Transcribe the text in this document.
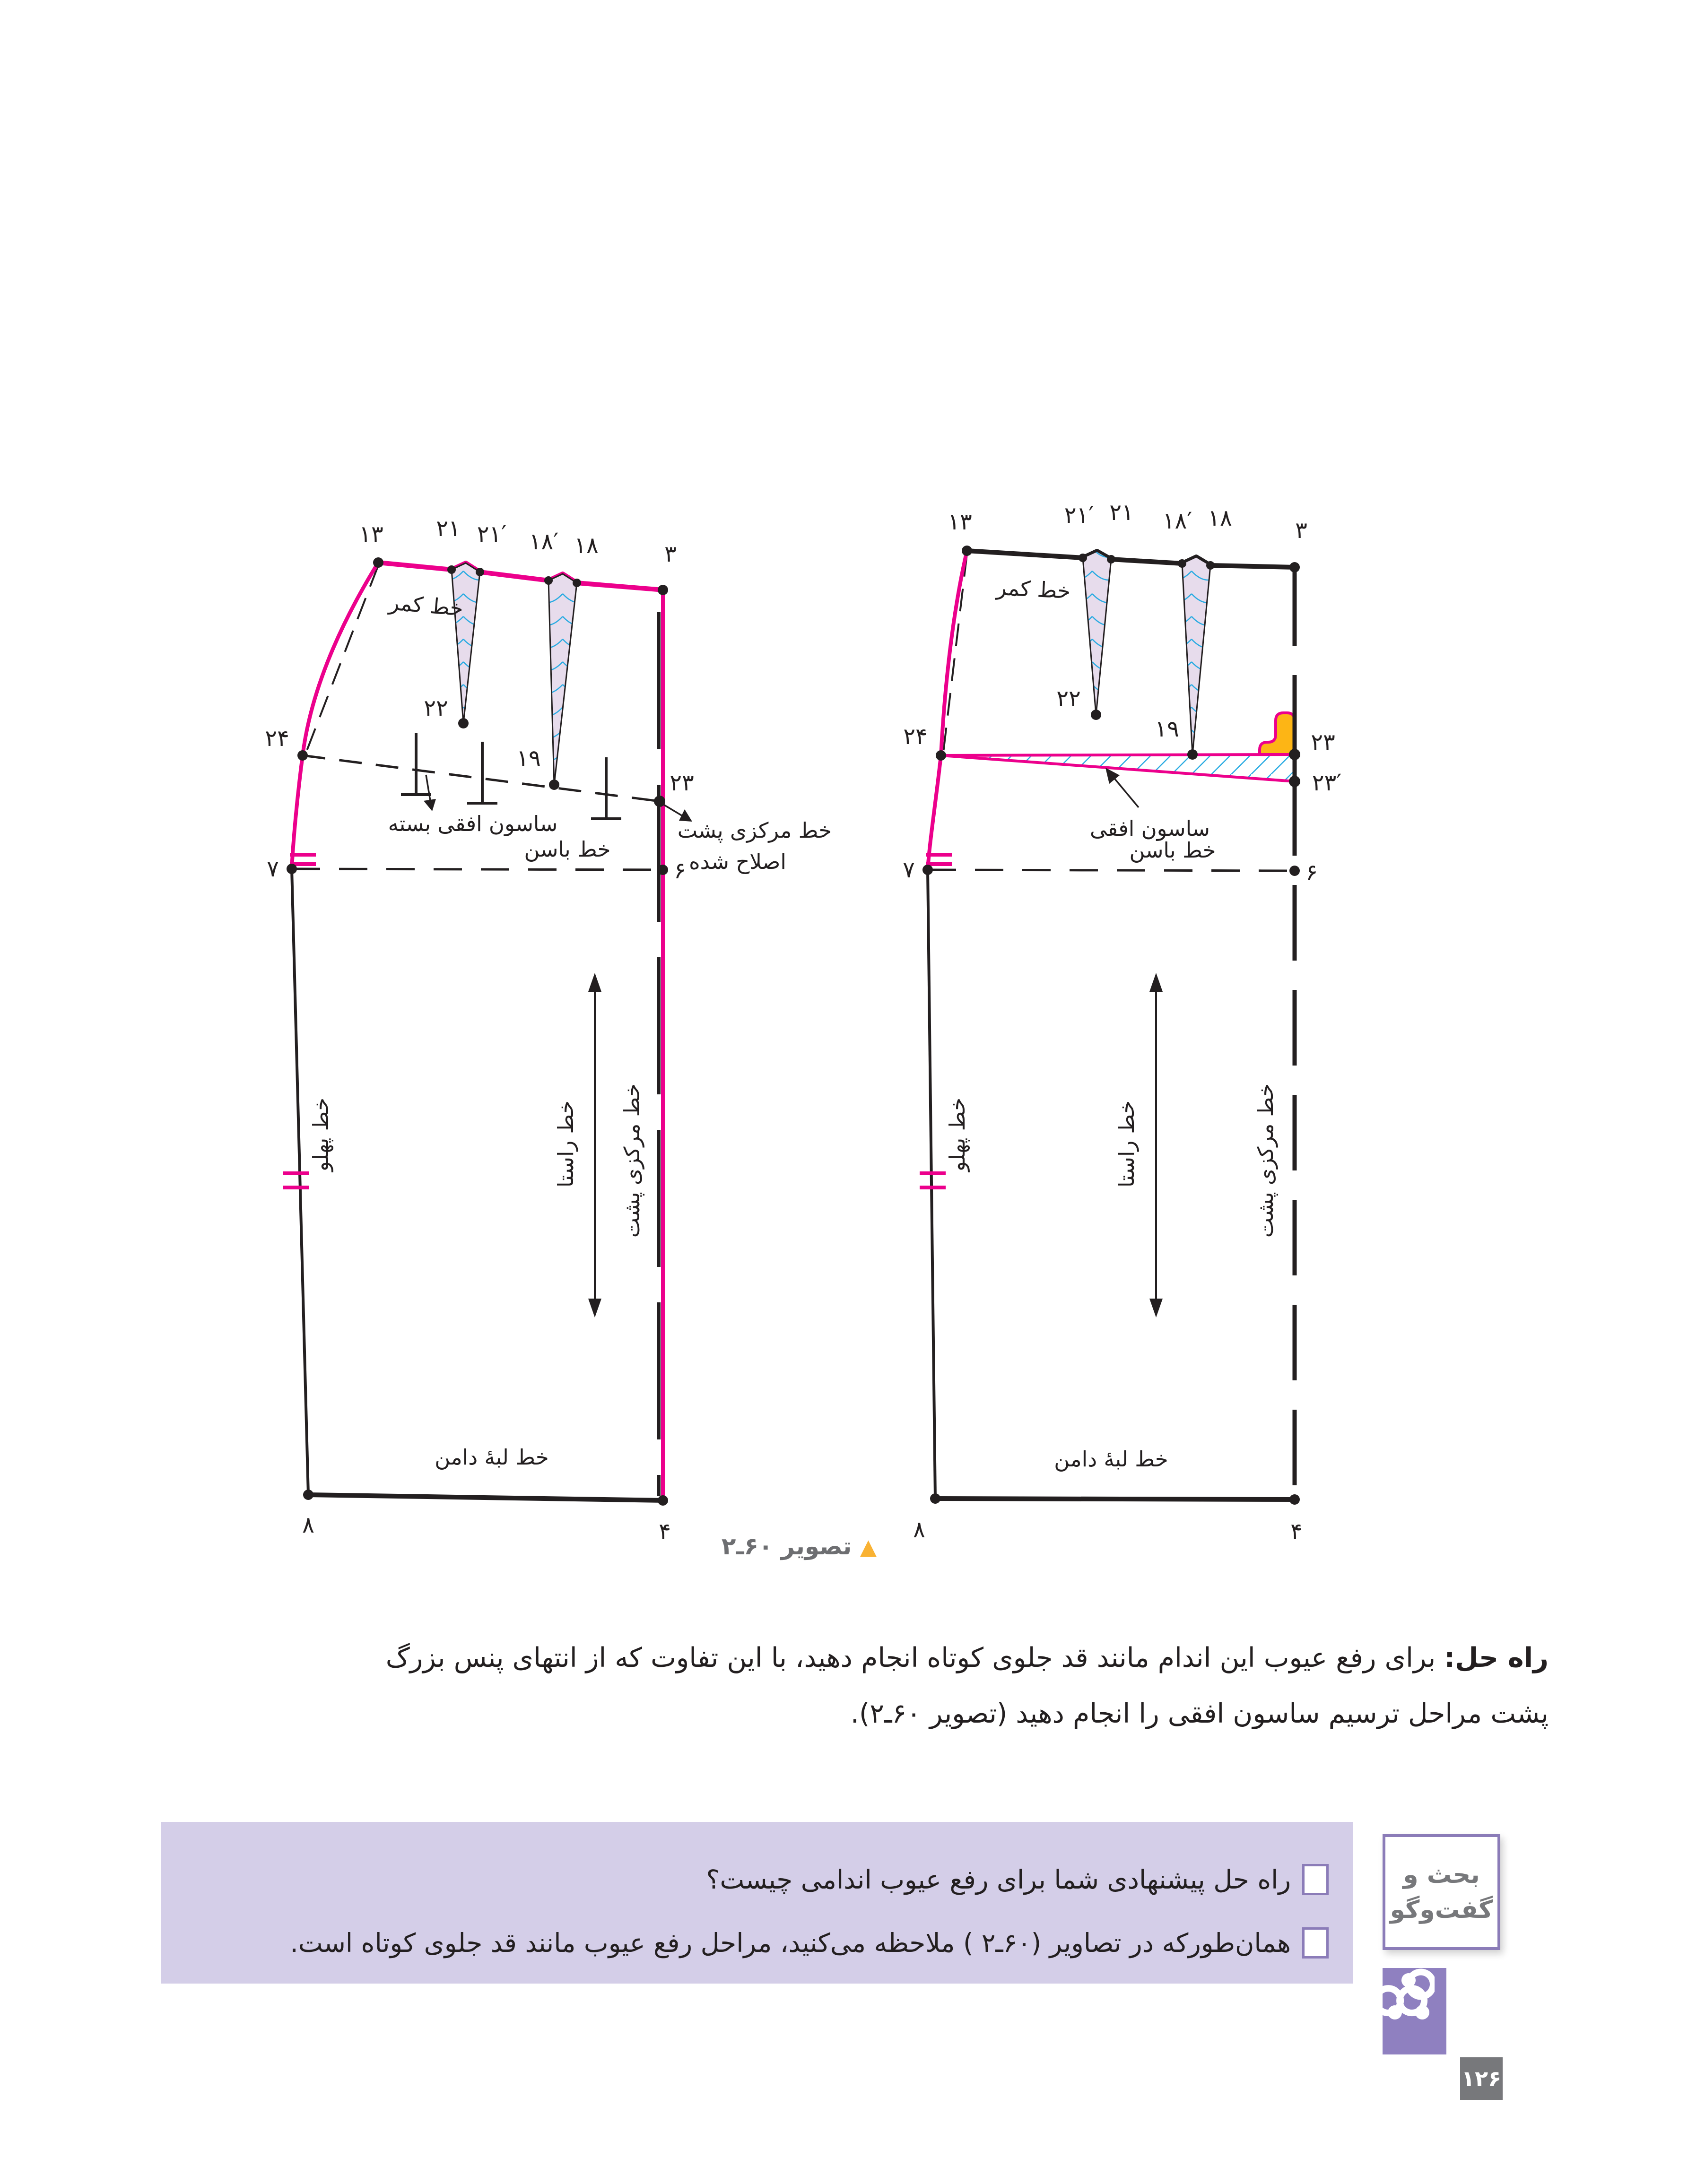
۱۳	۲۱′ ۲۱ ۱۸′ ۱۸	۳
خط کمر
۲۲
۱۹
۲۴	۲۳
۲۳′
ساسون افقی
خط باسن
۷	۶
خط پهلو	خط راستا	خط مرکزی پشت
خط لبهٔ دامن
۸	۴
۱۳ ۲۱ ۲۱′ ۱۸′ ۱۸	۳
خط کمر
۲۲
۱۹
۲۴
۲۳
ساسون افقی بسته	خط مرکزی پشت
اصلاح شده
خط باسن
۷	۶
خط پهلو	خط راستا خط مرکزی پشت
خط لبهٔ دامن
۸	۴
▲ تصویر ۶۰ـ۲
راه حل: برای رفع عیوب این اندام مانند قد جلوی کوتاه انجام دهید، با این تفاوت که از انتهای پنس بزرگ
پشت مراحل ترسیم ساسون افقی را انجام دهید (تصویر ۶۰ـ۲).
راه حل پیشنهادی شما برای رفع عیوب اندامی چیست؟
همان‌طورکه در تصاویر (۶۰ـ۲ ) ملاحظه می‌کنید، مراحل رفع عیوب مانند قد جلوی کوتاه است.
بحث و
گفت‌وگو
۱۲۶
